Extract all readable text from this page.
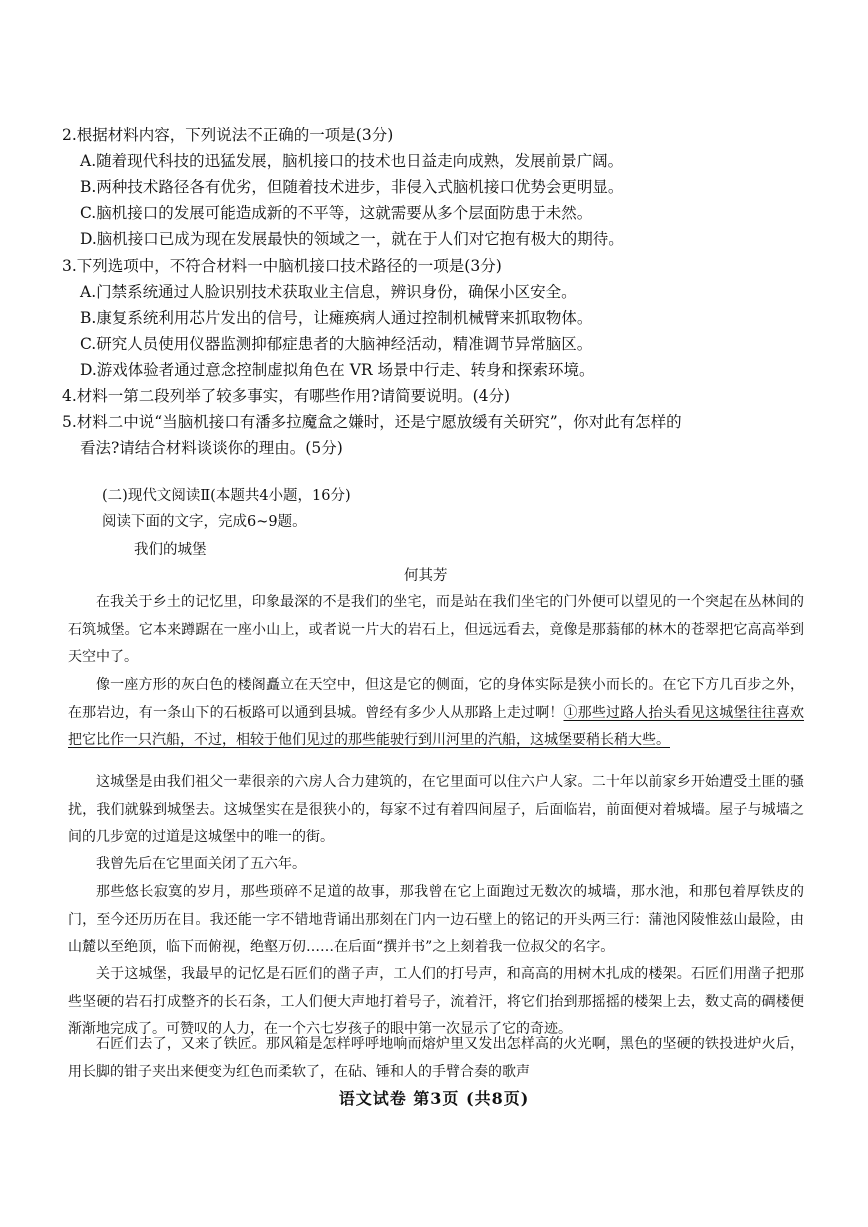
2.根据材料内容，下列说法不正确的一项是(3分)
A.随着现代科技的迅猛发展，脑机接口的技术也日益走向成熟，发展前景广阔。
B.两种技术路径各有优劣，但随着技术进步，非侵入式脑机接口优势会更明显。
C.脑机接口的发展可能造成新的不平等，这就需要从多个层面防患于未然。
D.脑机接口已成为现在发展最快的领域之一，就在于人们对它抱有极大的期待。
3.下列选项中，不符合材料一中脑机接口技术路径的一项是(3分)
A.门禁系统通过人脸识别技术获取业主信息，辨识身份，确保小区安全。
B.康复系统利用芯片发出的信号，让瘫痪病人通过控制机械臂来抓取物体。
C.研究人员使用仪器监测抑郁症患者的大脑神经活动，精准调节异常脑区。
D.游戏体验者通过意念控制虚拟角色在 VR 场景中行走、转身和探索环境。
4.材料一第二段列举了较多事实，有哪些作用?请简要说明。(4分)
5.材料二中说“当脑机接口有潘多拉魔盒之嫌时，还是宁愿放缓有关研究”，你对此有怎样的
看法?请结合材料谈谈你的理由。(5分)
(二)现代文阅读Ⅱ(本题共4小题，16分)
阅读下面的文字，完成6~9题。
我们的城堡
何其芳
在我关于乡土的记忆里，印象最深的不是我们的坐宅，而是站在我们坐宅的门外便可以望见的一个突起在丛林间的石筑城堡。它本来蹲踞在一座小山上，或者说一片大的岩石上，但远远看去，竟像是那蓊郁的林木的苍翠把它高高举到天空中了。
像一座方形的灰白色的楼阁矗立在天空中，但这是它的侧面，它的身体实际是狭小而长的。在它下方几百步之外，在那岩边，有一条山下的石板路可以通到县城。曾经有多少人从那路上走过啊！①那些过路人抬头看见这城堡往往喜欢把它比作一只汽船，不过，相较于他们见过的那些能驶行到川河里的汽船，这城堡要稍长稍大些。
这城堡是由我们祖父一辈很亲的六房人合力建筑的，在它里面可以住六户人家。二十年以前家乡开始遭受土匪的骚扰，我们就躲到城堡去。这城堡实在是很狭小的，每家不过有着四间屋子，后面临岩，前面便对着城墙。屋子与城墙之间的几步宽的过道是这城堡中的唯一的街。
我曾先后在它里面关闭了五六年。
那些悠长寂寞的岁月，那些琐碎不足道的故事，那我曾在它上面跑过无数次的城墙，那水池，和那包着厚铁皮的门，至今还历历在目。我还能一字不错地背诵出那刻在门内一边石壁上的铭记的开头两三行：蒲池冈陵惟兹山最险，由山麓以至绝顶，临下而俯视，绝壑万仞……在后面“撰并书”之上刻着我一位叔父的名字。
关于这城堡，我最早的记忆是石匠们的凿子声，工人们的打号声，和高高的用树木扎成的楼架。石匠们用凿子把那些坚硬的岩石打成整齐的长石条，工人们便大声地打着号子，流着汗，将它们抬到那摇摇的楼架上去，数丈高的碉楼便渐渐地完成了。可赞叹的人力，在一个六七岁孩子的眼中第一次显示了它的奇迹。
石匠们去了，又来了铁匠。那风箱是怎样呼呼地响而熔炉里又发出怎样高的火光啊，黑色的坚硬的铁投进炉火后，用长脚的钳子夹出来便变为红色而柔软了，在砧、锤和人的手臂合奏的歌声
语文试卷 第3页 (共8页)
